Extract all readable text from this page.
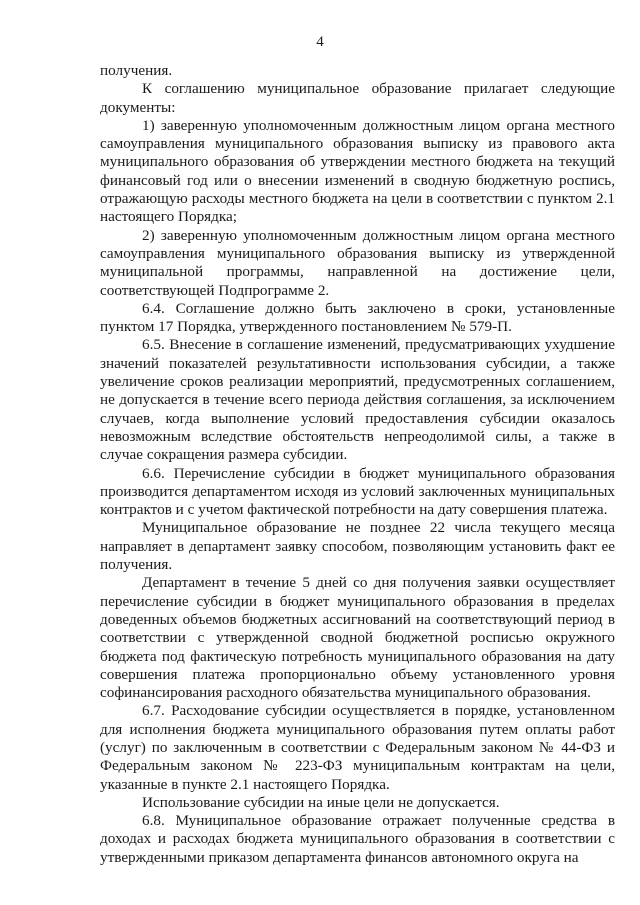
4

получения.

К соглашению муниципальное образование прилагает следующие документы:

1) заверенную уполномоченным должностным лицом органа местного самоуправления муниципального образования выписку из правового акта муниципального образования об утверждении местного бюджета на текущий финансовый год или о внесении изменений в сводную бюджетную роспись, отражающую расходы местного бюджета на цели в соответствии с пунктом 2.1 настоящего Порядка;

2) заверенную уполномоченным должностным лицом органа местного самоуправления муниципального образования выписку из утвержденной муниципальной программы, направленной на достижение цели, соответствующей Подпрограмме 2.

6.4. Соглашение должно быть заключено в сроки, установленные пунктом 17 Порядка, утвержденного постановлением № 579-П.

6.5. Внесение в соглашение изменений, предусматривающих ухудшение значений показателей результативности использования субсидии, а также увеличение сроков реализации мероприятий, предусмотренных соглашением, не допускается в течение всего периода действия соглашения, за исключением случаев, когда выполнение условий предоставления субсидии оказалось невозможным вследствие обстоятельств непреодолимой силы, а также в случае сокращения размера субсидии.

6.6. Перечисление субсидии в бюджет муниципального образования производится департаментом исходя из условий заключенных муниципальных контрактов и с учетом фактической потребности на дату совершения платежа.

Муниципальное образование не позднее 22 числа текущего месяца направляет в департамент заявку способом, позволяющим установить факт ее получения.

Департамент в течение 5 дней со дня получения заявки осуществляет перечисление субсидии в бюджет муниципального образования в пределах доведенных объемов бюджетных ассигнований на соответствующий период в соответствии с утвержденной сводной бюджетной росписью окружного бюджета под фактическую потребность муниципального образования на дату совершения платежа пропорционально объему установленного уровня софинансирования расходного обязательства муниципального образования.

6.7. Расходование субсидии осуществляется в порядке, установленном для исполнения бюджета муниципального образования путем оплаты работ (услуг) по заключенным в соответствии с Федеральным законом № 44-ФЗ и Федеральным законом № 223-ФЗ муниципальным контрактам на цели, указанные в пункте 2.1 настоящего Порядка.

Использование субсидии на иные цели не допускается.

6.8. Муниципальное образование отражает полученные средства в доходах и расходах бюджета муниципального образования в соответствии с утвержденными приказом департамента финансов автономного округа на
